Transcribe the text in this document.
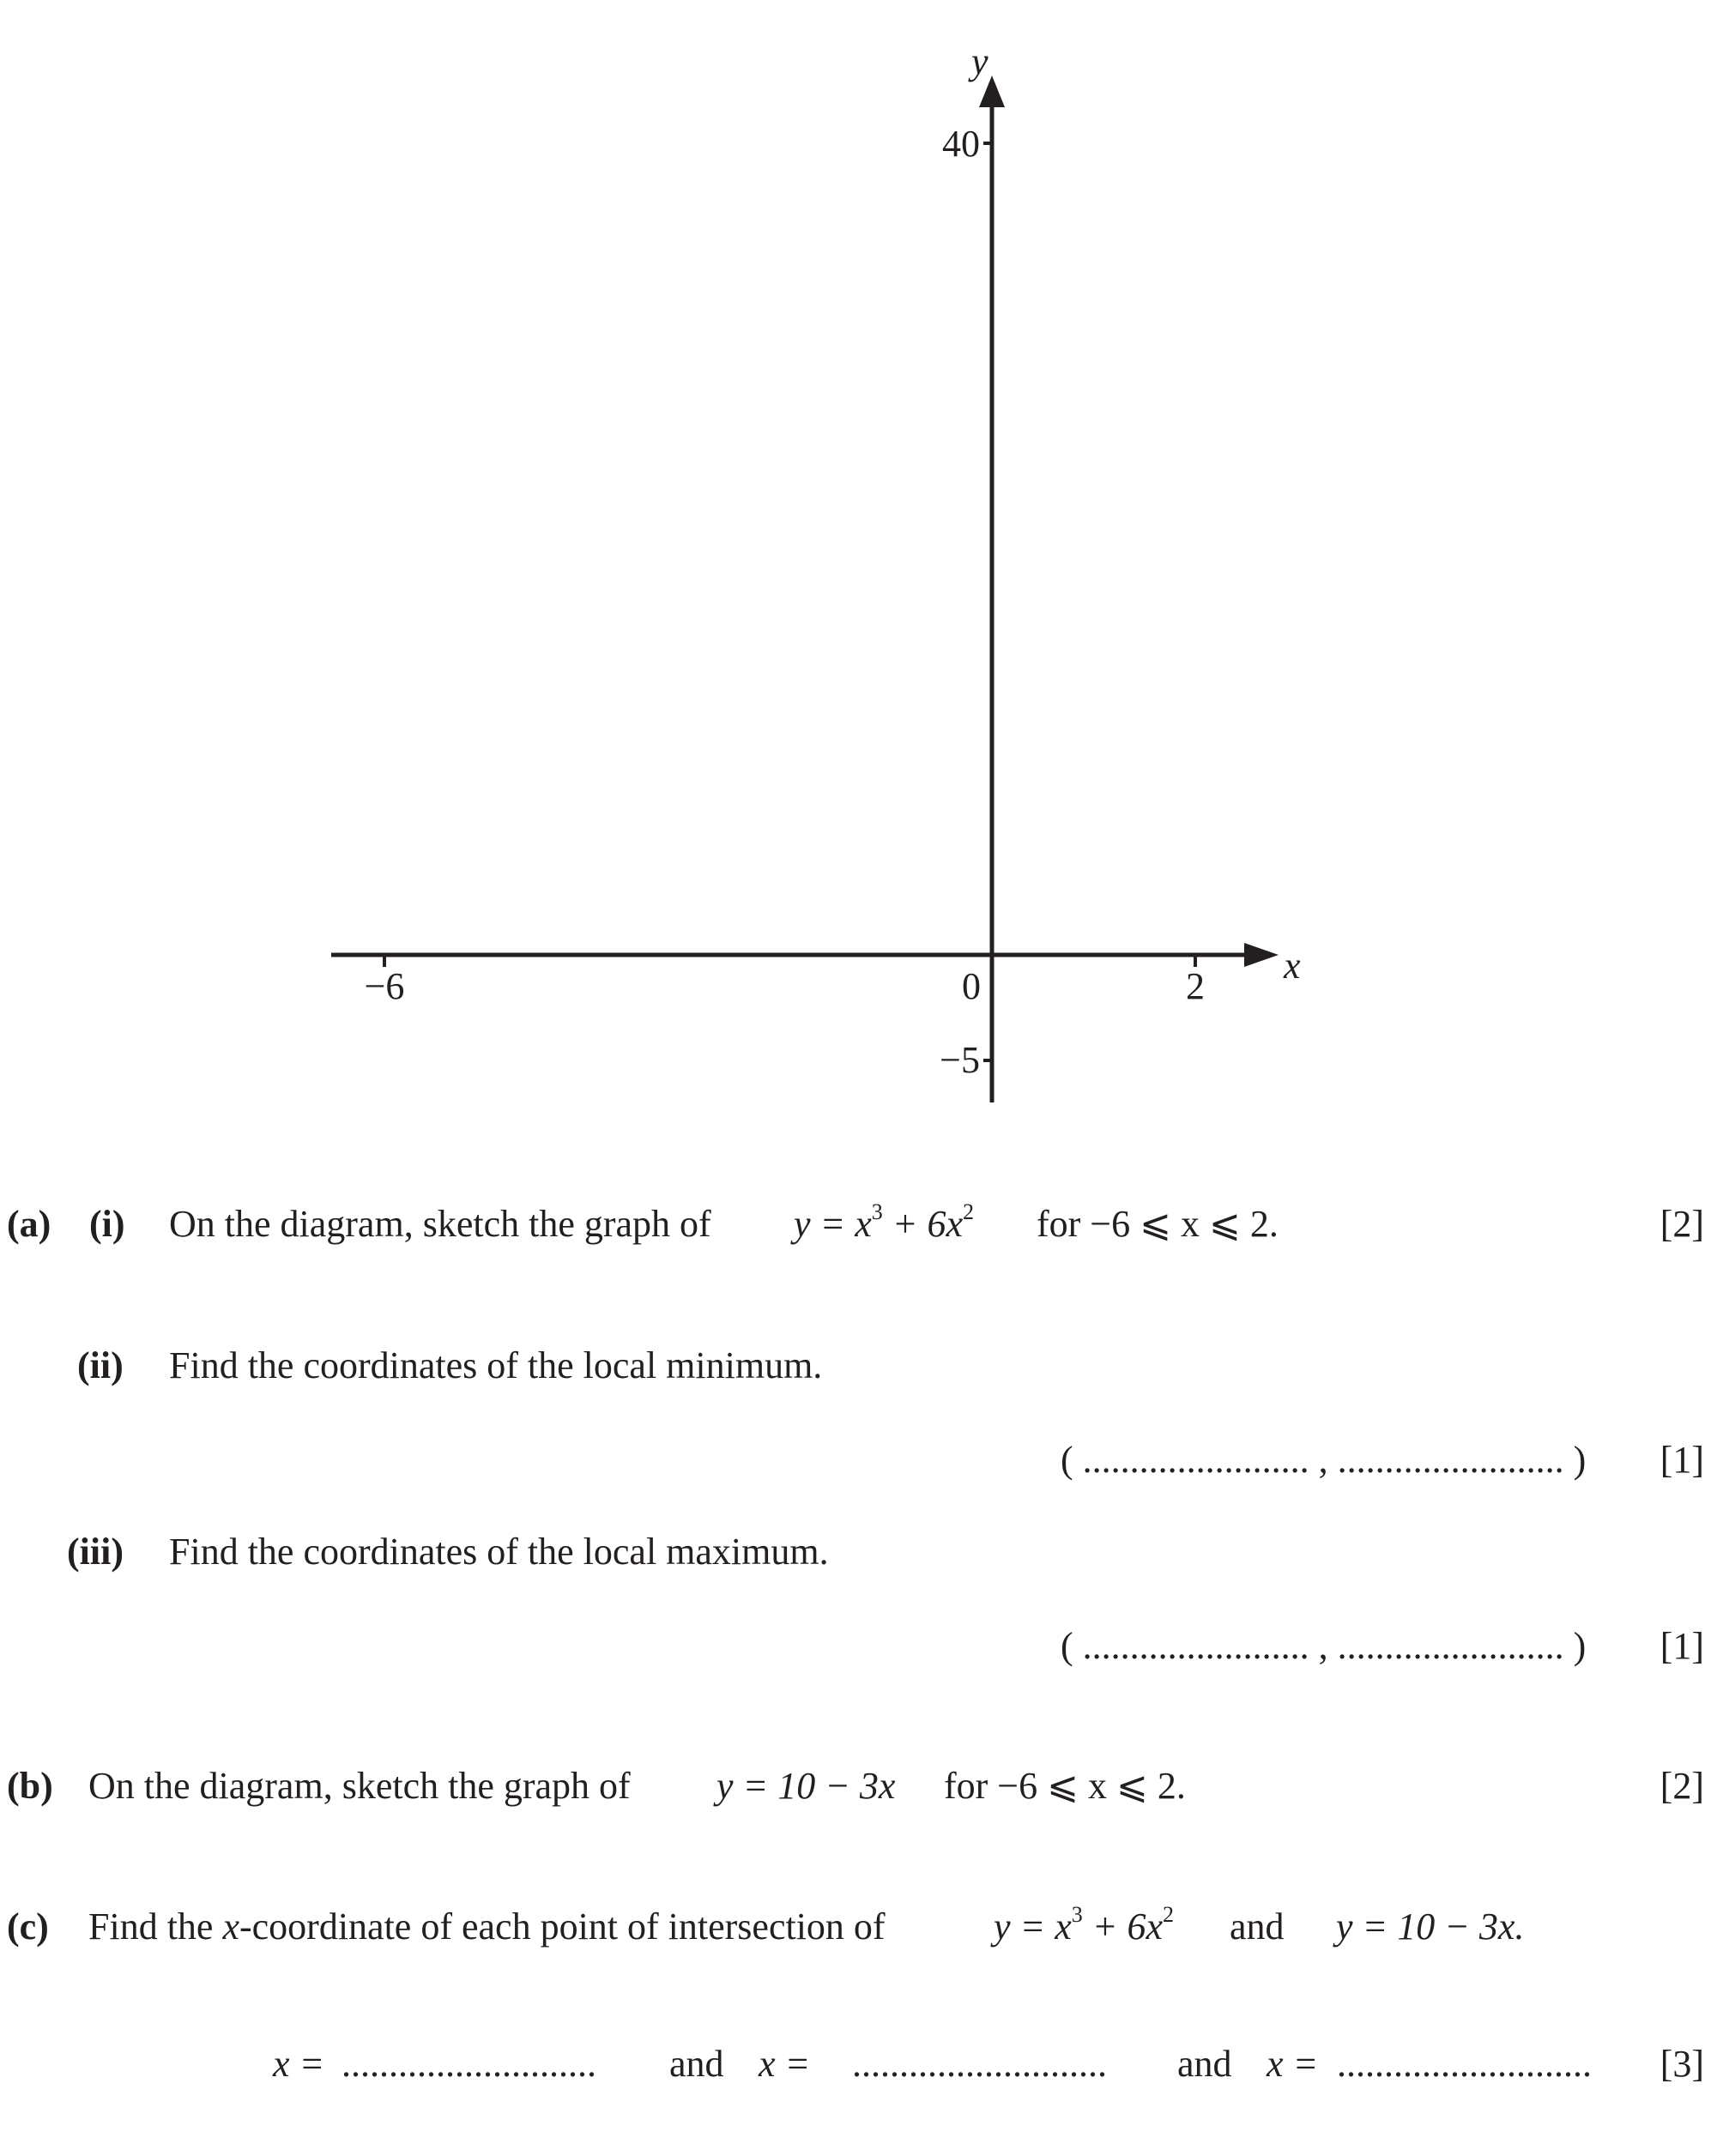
y
40
−5
−6	0	2 x
(a) (i) On the diagram, sketch the graph of $y = x^3 + 6x^2$ for −6 ⩽ x ⩽ 2.	[2]
(ii) Find the coordinates of the local minimum.
( ........................ , ........................ ) [1]
(iii) Find the coordinates of the local maximum.
( ........................ , ........................ ) [1]
(b) On the diagram, sketch the graph of y = 10 − 3x for −6 ⩽ x ⩽ 2.	[2]
(c) Find the x-coordinate of each point of intersection of	$y = x^3 + 6x^2$ and y = 10 − 3x.
x = ........................... and x = ........................... and x = ........................... [3]
